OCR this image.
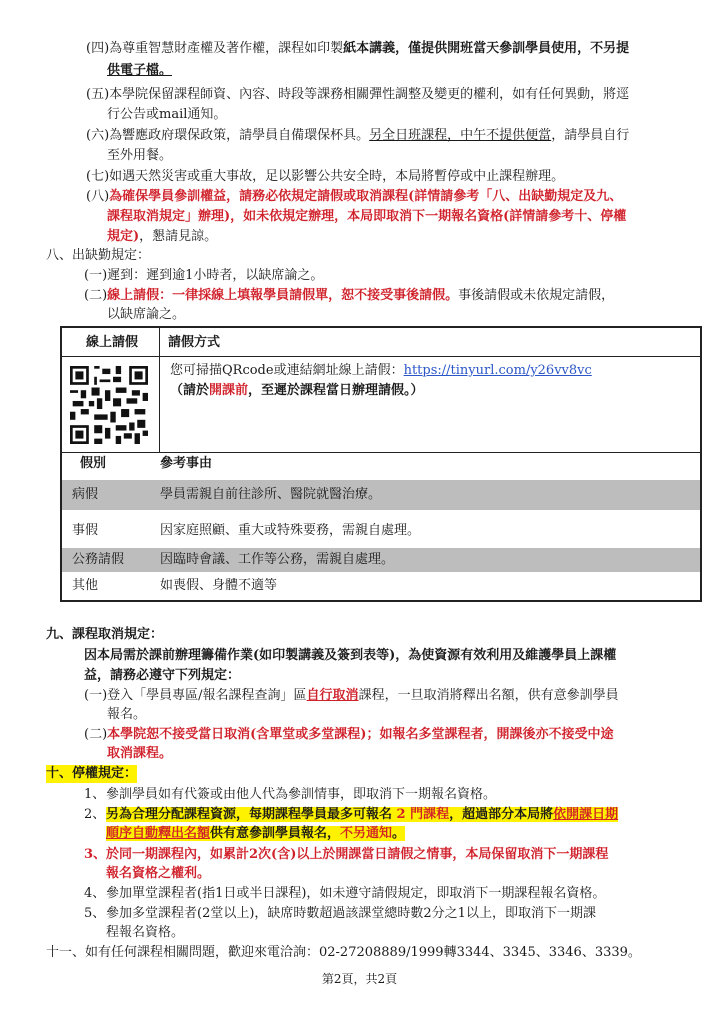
(四)為尊重智慧財產權及著作權，課程如印製紙本講義，僅提供開班當天參訓學員使用，不另提
供電子檔。
(五)本學院保留課程師資、內容、時段等課務相關彈性調整及變更的權利，如有任何異動，將逕
行公告或mail通知。
(六)為響應政府環保政策，請學員自備環保杯具。另全日班課程，中午不提供便當，請學員自行
至外用餐。
(七)如遇天然災害或重大事故，足以影響公共安全時，本局將暫停或中止課程辦理。
(八)為確保學員參訓權益，請務必依規定請假或取消課程(詳情請參考「八、出缺勤規定及九、
課程取消規定」辦理)，如未依規定辦理，本局即取消下一期報名資格(詳情請參考十、停權
規定)，懇請見諒。
八、出缺勤規定：
(一)遲到：遲到逾1小時者，以缺席論之。
(二)線上請假：一律採線上填報學員請假單，恕不接受事後請假。事後請假或未依規定請假，
以缺席論之。
線上請假 請假方式
您可掃描QRcode或連結網址線上請假：https://tinyurl.com/y26vv8vc
（請於開課前，至遲於課程當日辦理請假。）
假別	參考事由
病假	學員需親自前往診所、醫院就醫治療。
事假	因家庭照顧、重大或特殊要務，需親自處理。
公務請假	因臨時會議、工作等公務，需親自處理。
其他	如喪假、身體不適等
九、課程取消規定：
因本局需於課前辦理籌備作業(如印製講義及簽到表等)，為使資源有效利用及維護學員上課權
益，請務必遵守下列規定：
(一)登入「學員專區/報名課程查詢」區自行取消課程，一旦取消將釋出名額，供有意參訓學員
報名。
(二)本學院恕不接受當日取消(含單堂或多堂課程)；如報名多堂課程者，開課後亦不接受中途
取消課程。
十、停權規定：
1、參訓學員如有代簽或由他人代為參訓情事，即取消下一期報名資格。
2、另為合理分配課程資源，每期課程學員最多可報名 2 門課程，超過部分本局將依開課日期
順序自動釋出名額供有意參訓學員報名，不另通知。
3、於同一期課程內，如累計2次(含)以上於開課當日請假之情事，本局保留取消下一期課程
報名資格之權利。
4、參加單堂課程者(指1日或半日課程)，如未遵守請假規定，即取消下一期課程報名資格。
5、參加多堂課程者(2堂以上)，缺席時數超過該課堂總時數2分之1以上，即取消下一期課
程報名資格。
十一、如有任何課程相關問題，歡迎來電洽詢：02-27208889/1999轉3344、3345、3346、3339。
第2頁，共2頁
